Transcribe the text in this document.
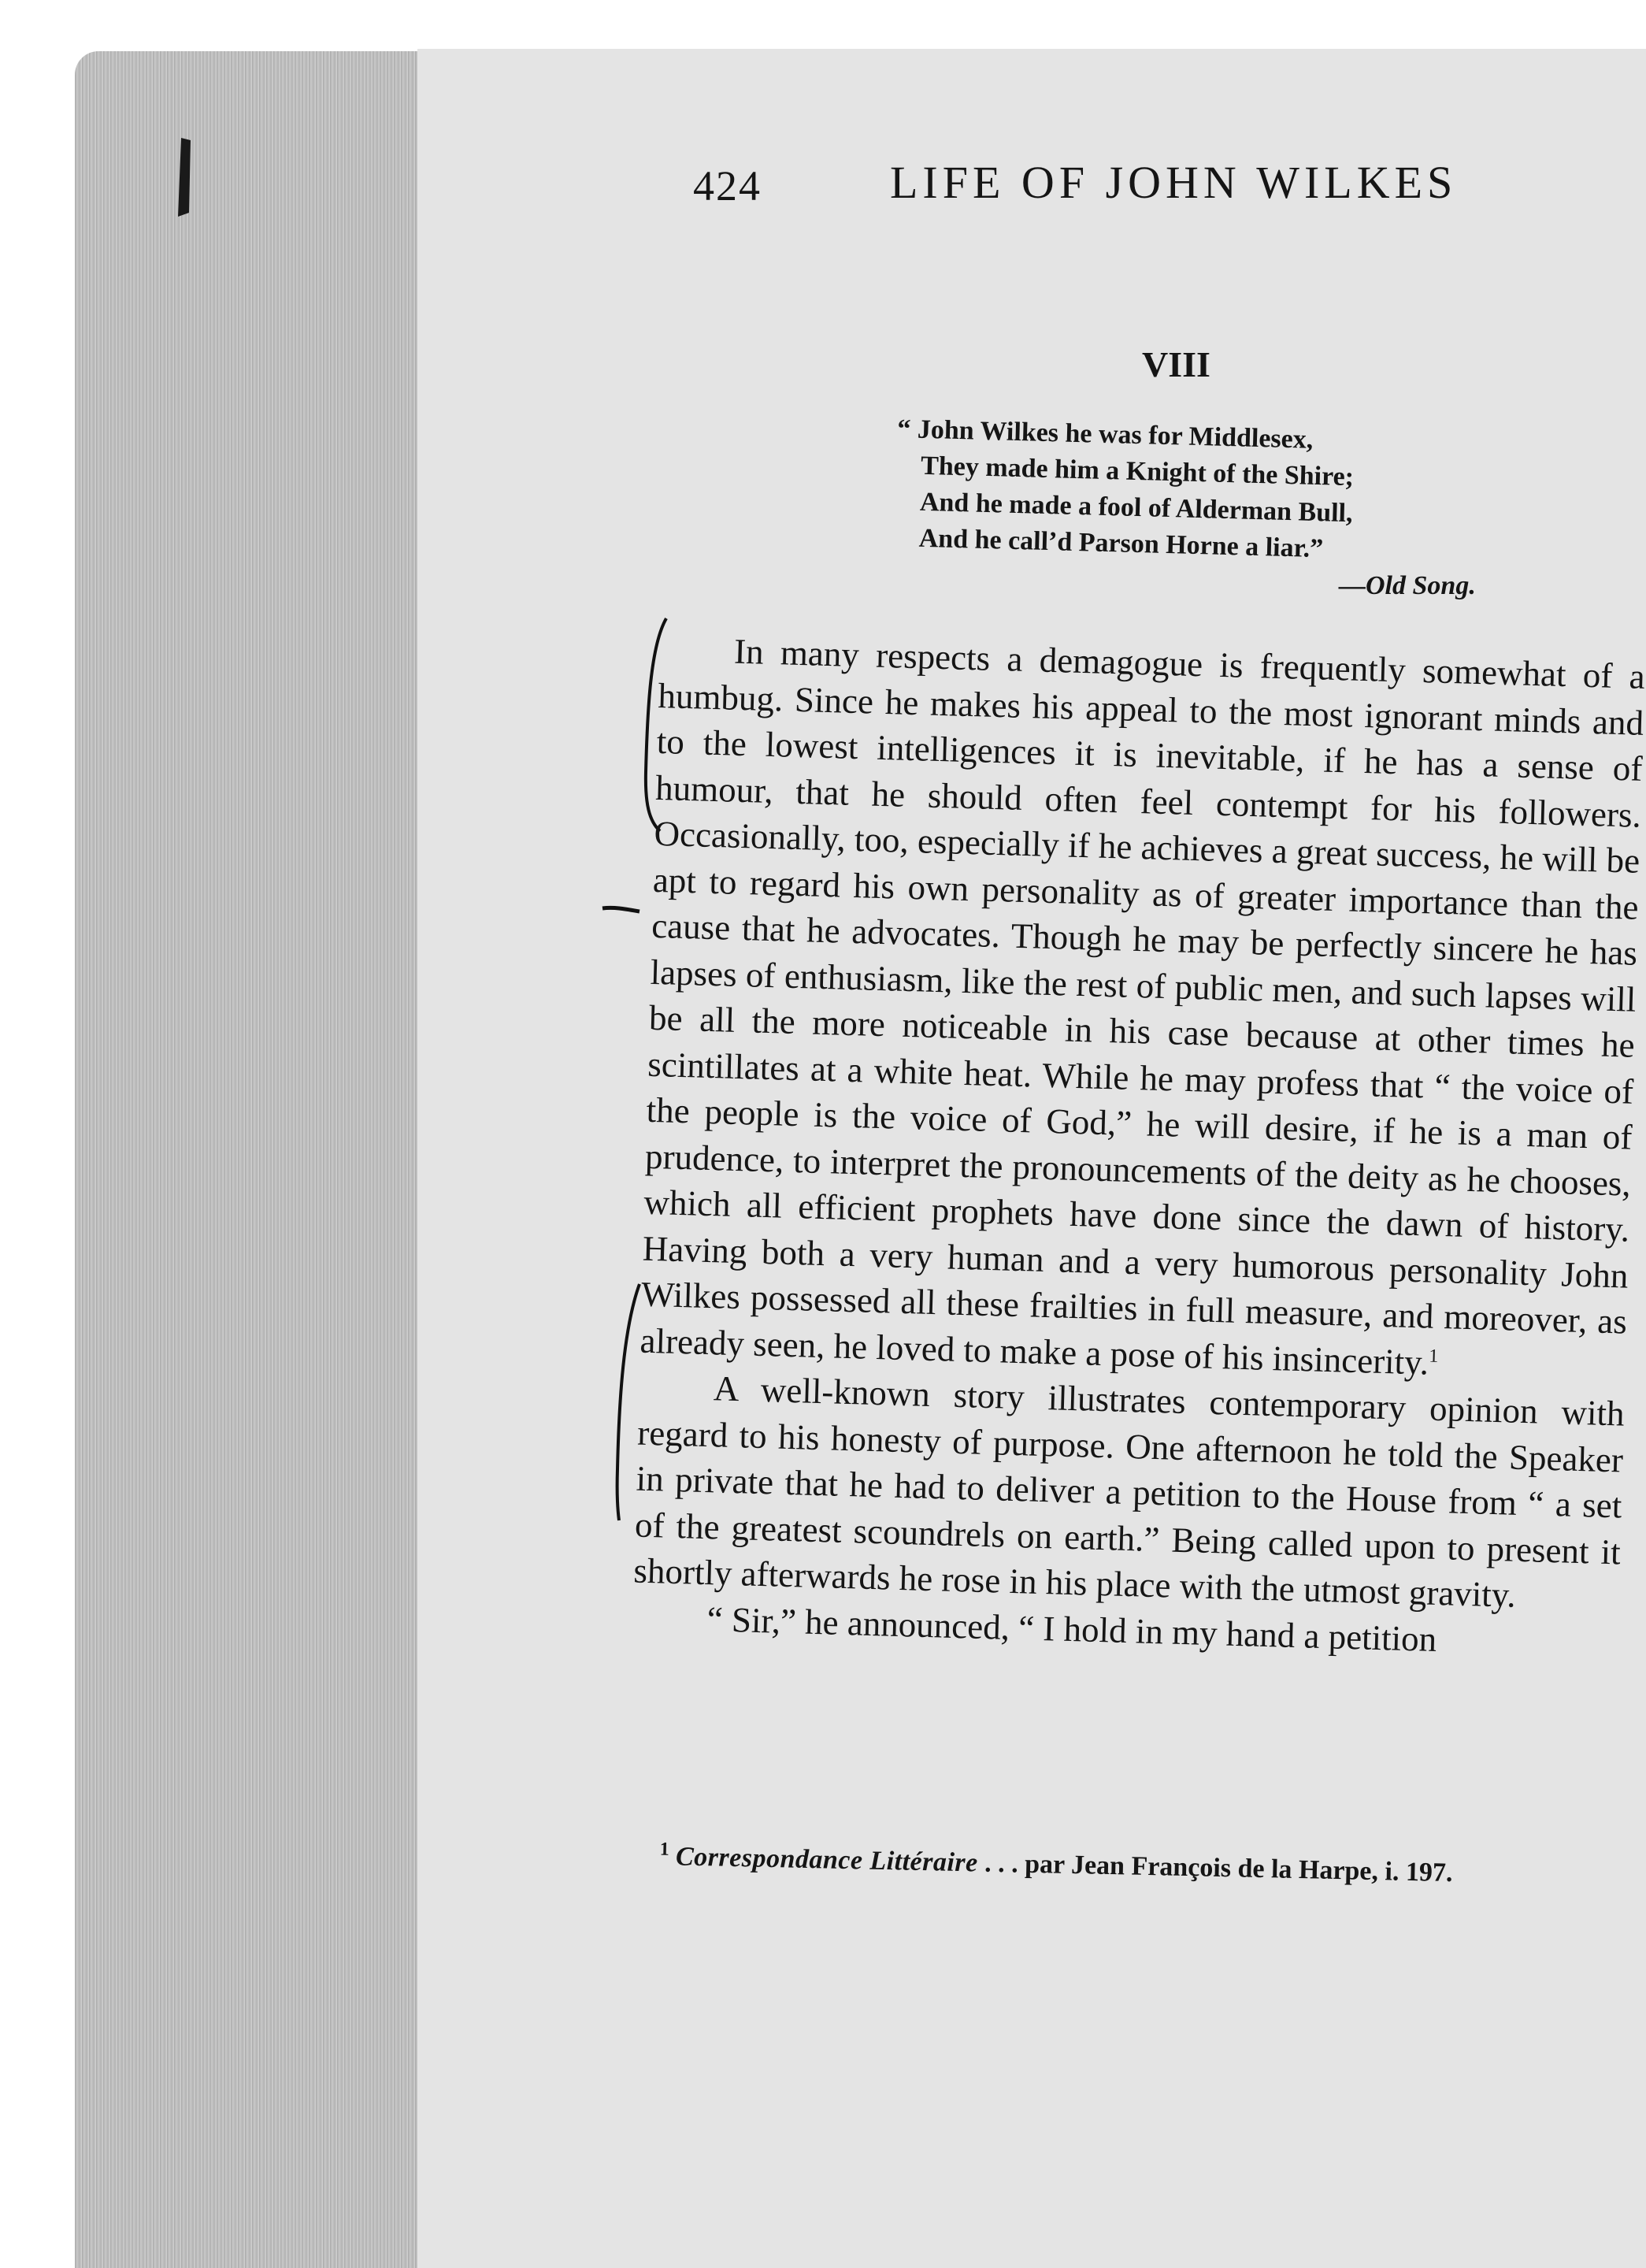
424	LIFE OF JOHN WILKES
VIII
“ John Wilkes he was for Middlesex,
They made him a Knight of the Shire;
And he made a fool of Alderman Bull,
And he call’d Parson Horne a liar.”
—Old Song.

In many respects a demagogue is frequently somewhat of a humbug. Since he makes his appeal to the most ignorant minds and to the lowest intelligences it is inevitable, if he has a sense of humour, that he should often feel contempt for his followers. Occasionally, too, especially if he achieves a great success, he will be apt to regard his own personality as of greater importance than the cause that he advocates. Though he may be perfectly sincere he has lapses of enthusiasm, like the rest of public men, and such lapses will be all the more noticeable in his case because at other times he scintillates at a white heat. While he may profess that “ the voice of the people is the voice of God,” he will desire, if he is a man of prudence, to interpret the pronouncements of the deity as he chooses, which all efficient prophets have done since the dawn of history. Having both a very human and a very humorous personality John Wilkes possessed all these frailties in full measure, and moreover, as already seen, he loved to make a pose of his insincerity.$^1$

A well-known story illustrates contemporary opinion with regard to his honesty of purpose. One afternoon he told the Speaker in private that he had to deliver a petition to the House from “ a set of the greatest scoundrels on earth.” Being called upon to present it shortly afterwards he rose in his place with the utmost gravity.

“ Sir,” he announced, “ I hold in my hand a petition

$^1$ Correspondance Littéraire . . . par Jean François de la Harpe, i. 197.
